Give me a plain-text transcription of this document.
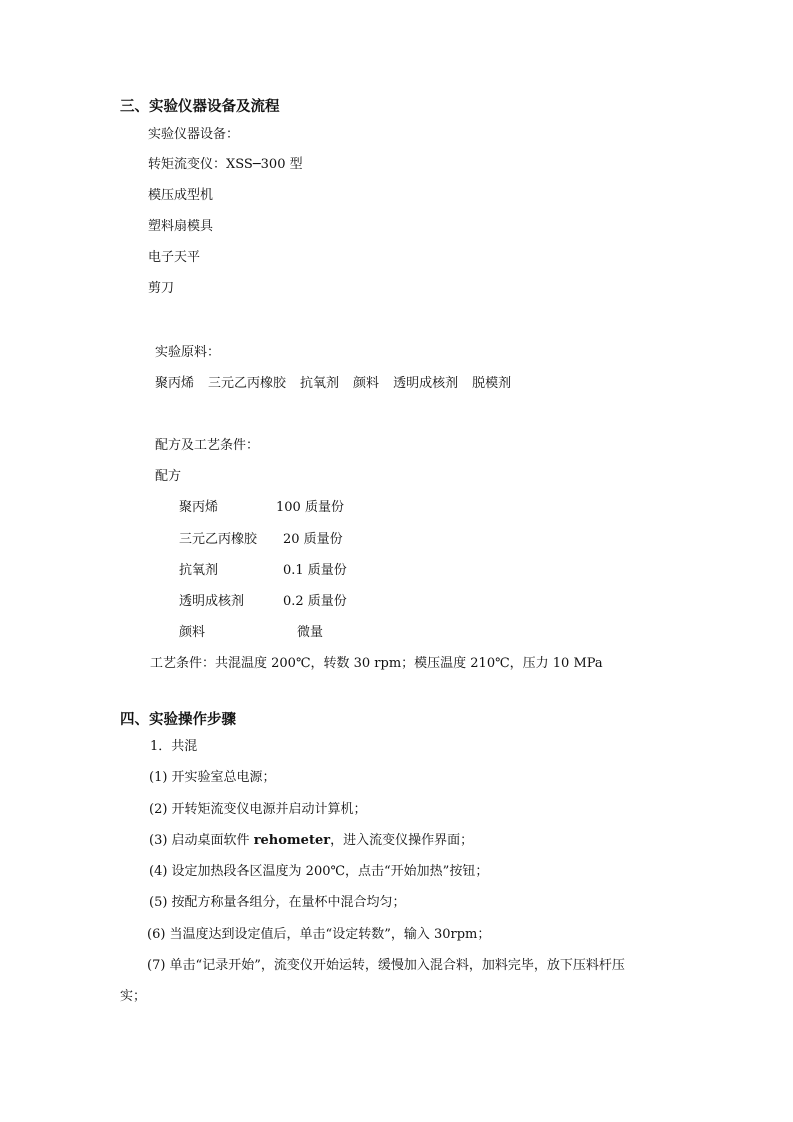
三、实验仪器设备及流程
实验仪器设备：
转矩流变仪：XSS─300 型
模压成型机
塑料扇模具
电子天平
剪刀
实验原料：
聚丙烯 三元乙丙橡胶 抗氧剂 颜料 透明成核剂 脱模剂
配方及工艺条件：
配方
聚丙烯	100 质量份
三元乙丙橡胶 20 质量份
抗氧剂	0.1 质量份
透明成核剂	0.2 质量份
颜料	微量
工艺条件：共混温度 200℃，转数 30 rpm；模压温度 210℃，压力 10 MPa
四、实验操作步骤
1．共混
(1) 开实验室总电源；
(2) 开转矩流变仪电源并启动计算机；
(3) 启动桌面软件 rehometer，进入流变仪操作界面；
(4) 设定加热段各区温度为 200℃，点击“开始加热”按钮；
(5) 按配方称量各组分，在量杯中混合均匀；
(6) 当温度达到设定值后，单击“设定转数”，输入 30rpm；
(7) 单击“记录开始”，流变仪开始运转，缓慢加入混合料，加料完毕，放下压料杆压
实；
